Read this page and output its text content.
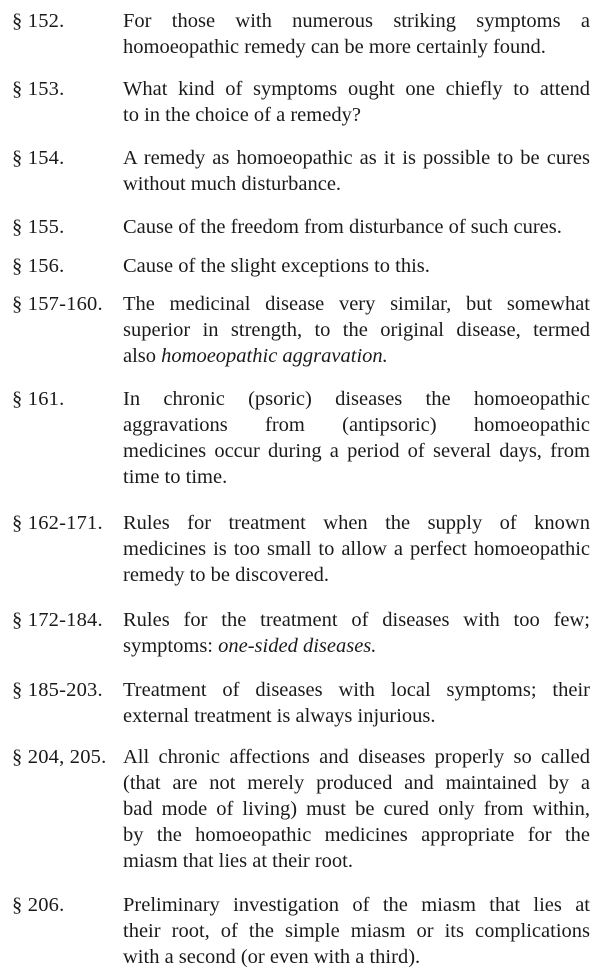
§ 152.	For those with numerous striking symptoms a
homoeopathic remedy can be more certainly found.
§ 153.	What kind of symptoms ought one chiefly to attend
to in the choice of a remedy?
§ 154.	A remedy as homoeopathic as it is possible to be cures
without much disturbance.
§ 155.	Cause of the freedom from disturbance of such cures.
§ 156.	Cause of the slight exceptions to this.
§ 157-160. The medicinal disease very similar, but somewhat
superior in strength, to the original disease, termed
also homoeopathic aggravation.
§ 161.	In chronic (psoric) diseases the homoeopathic
aggravations from (antipsoric) homoeopathic
medicines occur during a period of several days, from
time to time.
§ 162-171. Rules for treatment when the supply of known
medicines is too small to allow a perfect homoeopathic
remedy to be discovered.
§ 172-184. Rules for the treatment of diseases with too few;
symptoms: one-sided diseases.
§ 185-203. Treatment of diseases with local symptoms; their
external treatment is always injurious.
§ 204, 205. All chronic affections and diseases properly so called
(that are not merely produced and maintained by a
bad mode of living) must be cured only from within,
by the homoeopathic medicines appropriate for the
miasm that lies at their root.
§ 206.	Preliminary investigation of the miasm that lies at
their root, of the simple miasm or its complications
with a second (or even with a third).
